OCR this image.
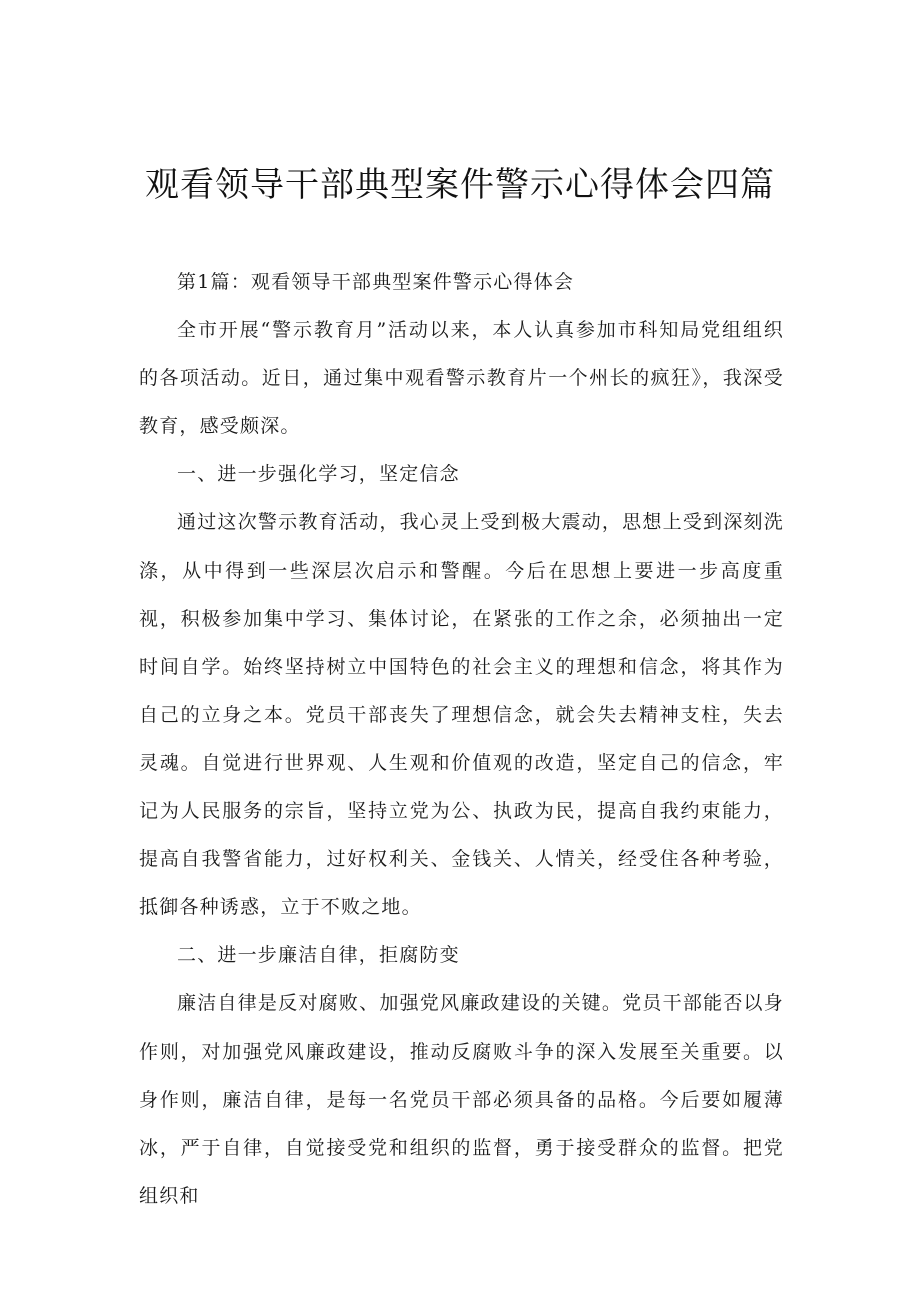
观看领导干部典型案件警示心得体会四篇

第1篇：观看领导干部典型案件警示心得体会

全市开展“警示教育月”活动以来，本人认真参加市科知局党组组织的各项活动。近日，通过集中观看警示教育片一个州长的疯狂》，我深受教育，感受颇深。

一、进一步强化学习，坚定信念

通过这次警示教育活动，我心灵上受到极大震动，思想上受到深刻洗涤，从中得到一些深层次启示和警醒。今后在思想上要进一步高度重视，积极参加集中学习、集体讨论，在紧张的工作之余，必须抽出一定时间自学。始终坚持树立中国特色的社会主义的理想和信念，将其作为自己的立身之本。党员干部丧失了理想信念，就会失去精神支柱，失去灵魂。自觉进行世界观、人生观和价值观的改造，坚定自己的信念，牢记为人民服务的宗旨，坚持立党为公、执政为民，提高自我约束能力，提高自我警省能力，过好权利关、金钱关、人情关，经受住各种考验，抵御各种诱惑，立于不败之地。

二、进一步廉洁自律，拒腐防变

廉洁自律是反对腐败、加强党风廉政建设的关键。党员干部能否以身作则，对加强党风廉政建设，推动反腐败斗争的深入发展至关重要。以身作则，廉洁自律，是每一名党员干部必须具备的品格。今后要如履薄冰，严于自律，自觉接受党和组织的监督，勇于接受群众的监督。把党组织和
